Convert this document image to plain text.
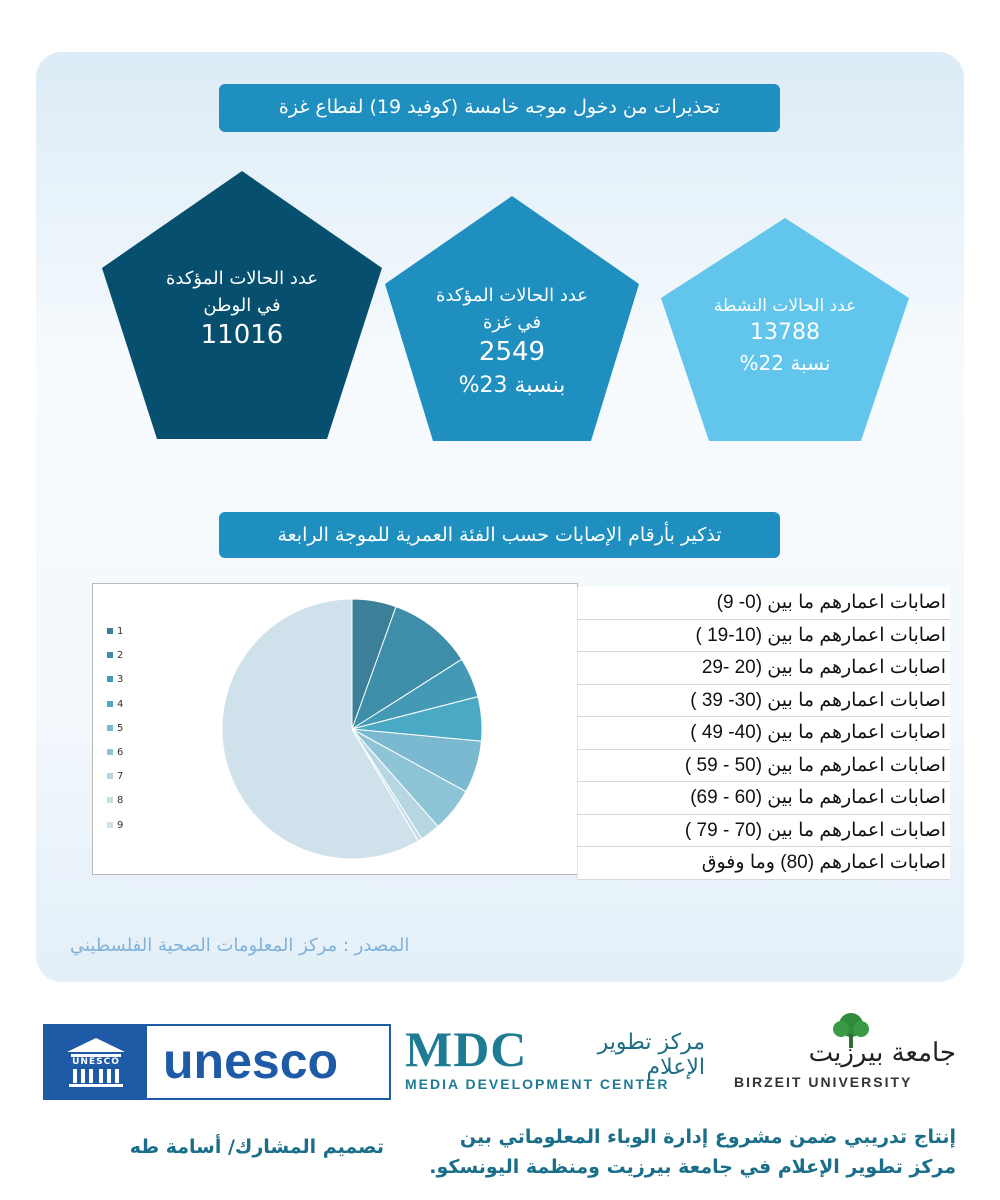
تحذيرات من دخول موجه خامسة (كوفيد 19) لقطاع غزة
عدد الحالات المؤكدة
في الوطن
11016
عدد الحالات المؤكدة
في غزة
2549
بنسبة 23%
عدد الحالات النشطة
13788
نسبة 22%
تذكير بأرقام الإصابات حسب الفئة العمرية للموجة الرابعة
1
2
3
4
5
6
7
8
9
اصابات اعمارهم ما بين (0- 9)
اصابات اعمارهم ما بين (10-19 )
اصابات اعمارهم ما بين (20 -29
اصابات اعمارهم ما بين (30- 39 )
اصابات اعمارهم ما بين (40- 49 )
اصابات اعمارهم ما بين (50 - 59 )
اصابات اعمارهم ما بين (60 - 69)
اصابات اعمارهم ما بين (70 - 79 )
اصابات اعمارهم (80) وما وفوق
المصدر : مركز المعلومات الصحية الفلسطيني
UNESCO unesco MDC	مركز تطوير الإعلام
MEDIA DEVELOPMENT CENTER
جامعة بيرزيت
BIRZEIT UNIVERSITY
إنتاج تدريبي ضمن مشروع إدارة الوباء المعلوماتي بين
مركز تطوير الإعلام في جامعة بيرزيت ومنظمة اليونسكو.
تصميم المشارك/ أسامة طه
